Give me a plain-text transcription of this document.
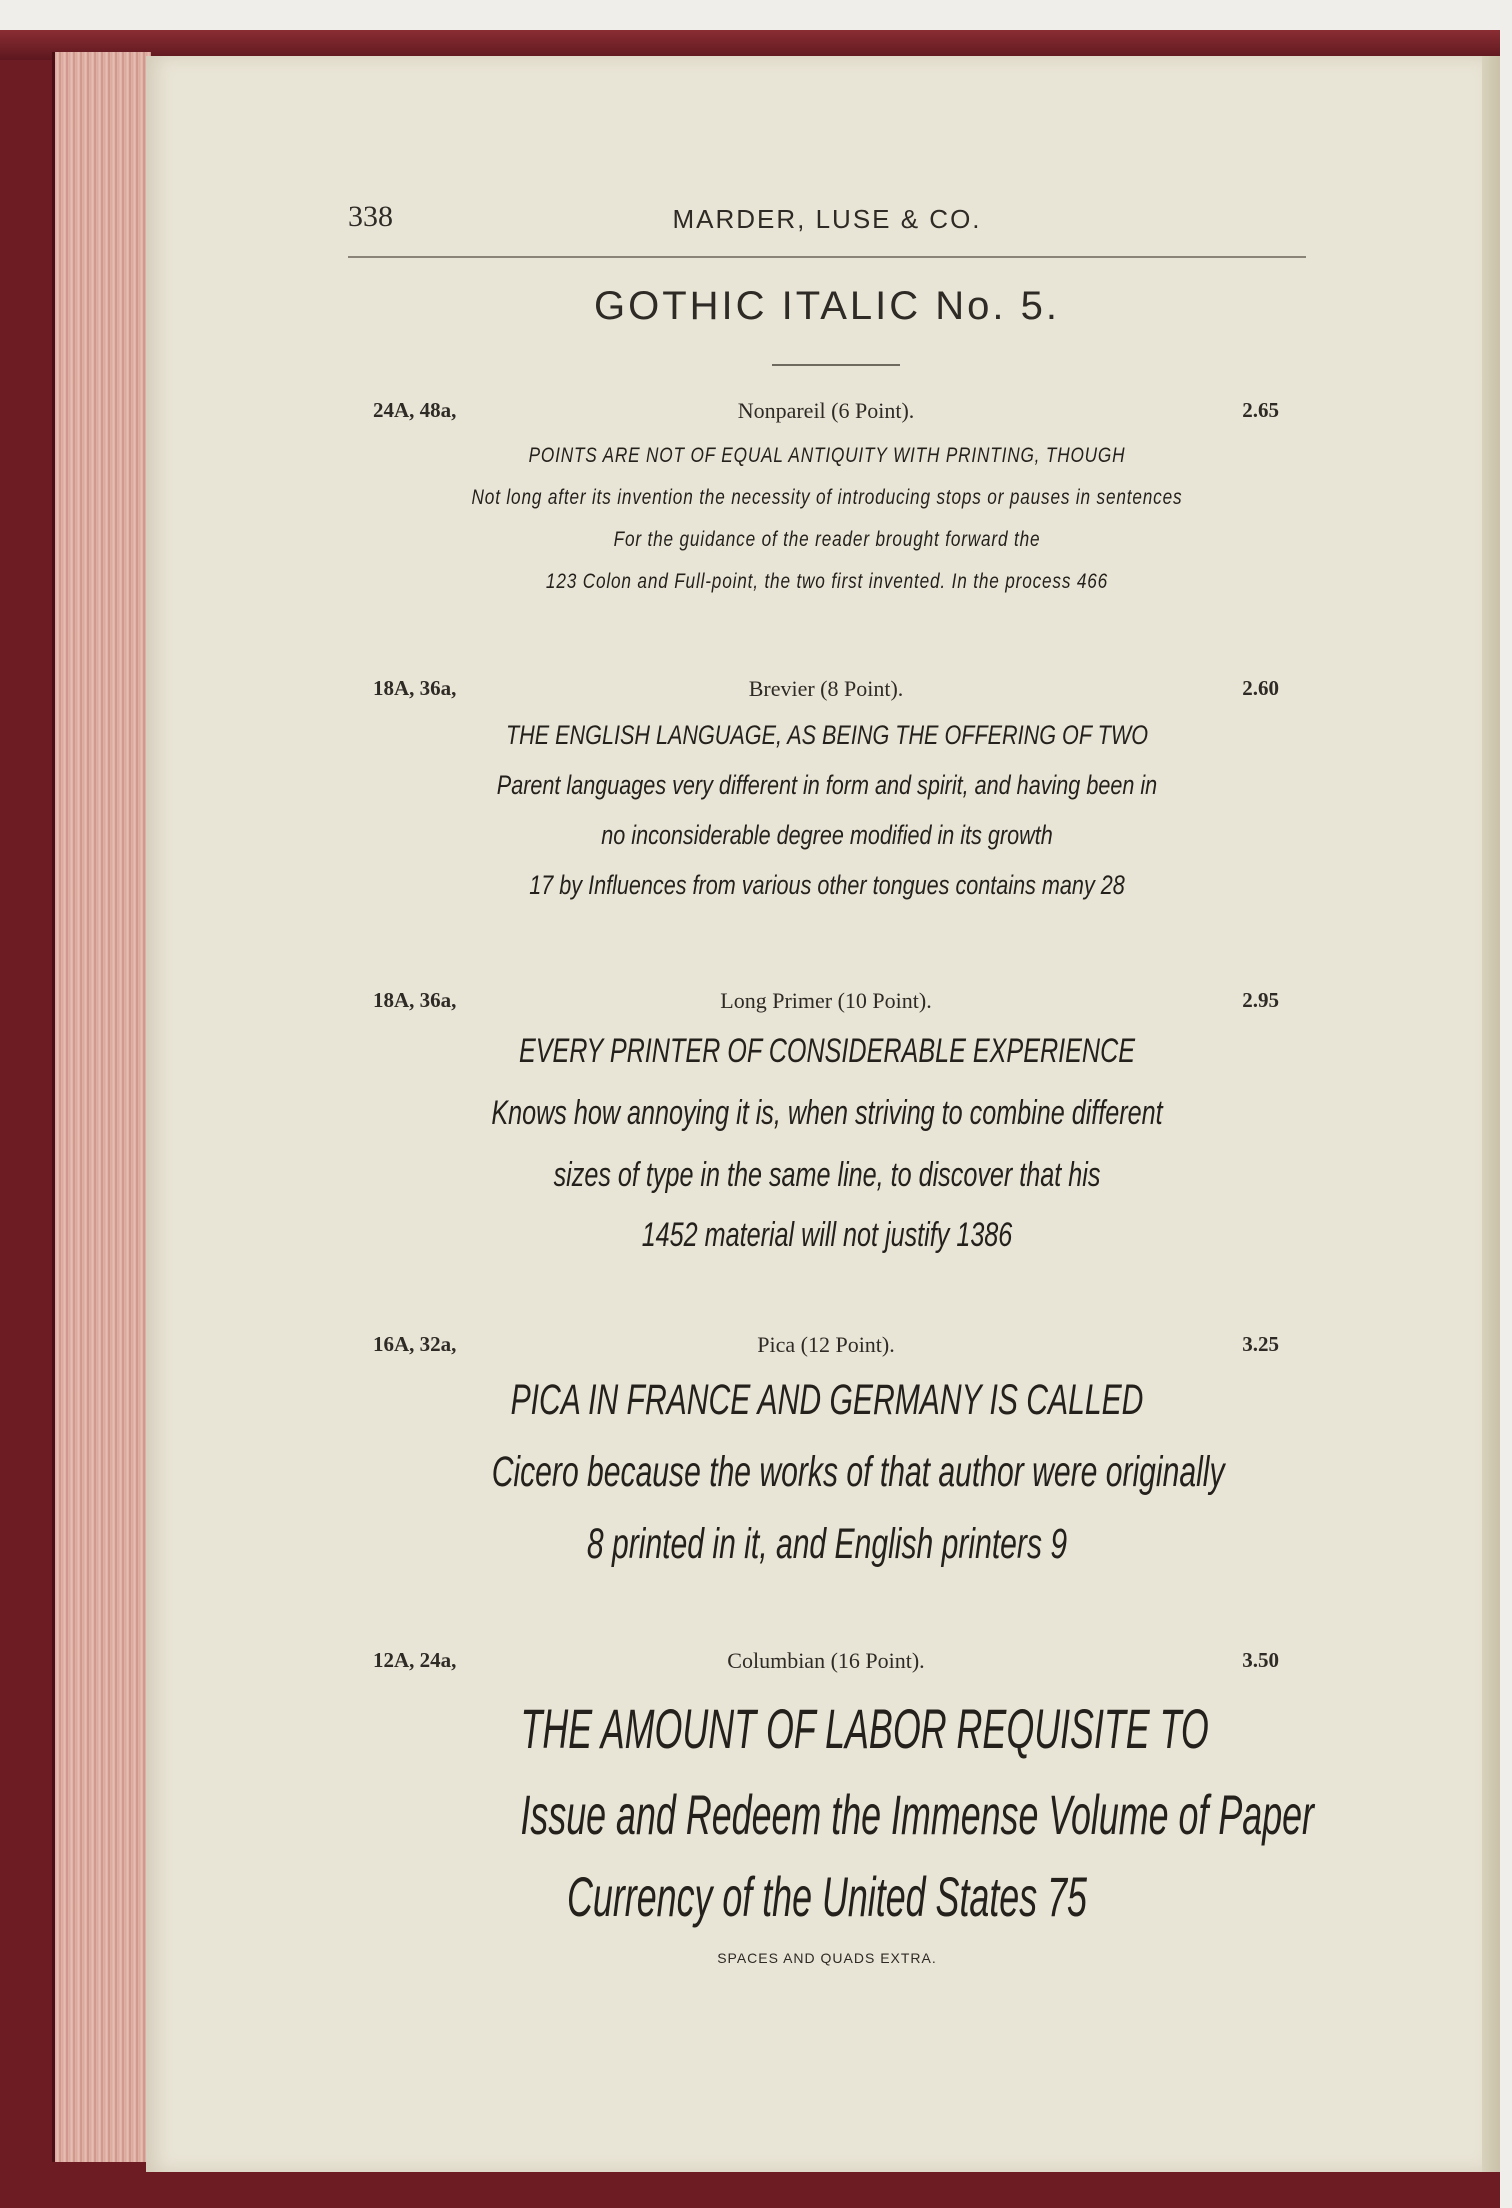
338	MARDER, LUSE & CO.
GOTHIC ITALIC No. 5.
24A, 48a,	Nonpareil (6 Point).	2.65
POINTS ARE NOT OF EQUAL ANTIQUITY WITH PRINTING, THOUGH
Not long after its invention the necessity of introducing stops or pauses in sentences
For the guidance of the reader brought forward the
123 Colon and Full-point, the two first invented. In the process 466
18A, 36a,	Brevier (8 Point).	2.60
THE ENGLISH LANGUAGE, AS BEING THE OFFERING OF TWO
Parent languages very different in form and spirit, and having been in
no inconsiderable degree modified in its growth
17 by Influences from various other tongues contains many 28
18A, 36a,	Long Primer (10 Point).	2.95
EVERY PRINTER OF CONSIDERABLE EXPERIENCE
Knows how annoying it is, when striving to combine different
sizes of type in the same line, to discover that his
1452 material will not justify 1386
16A, 32a,	Pica (12 Point).	3.25
PICA IN FRANCE AND GERMANY IS CALLED
Cicero because the works of that author were originally
8 printed in it, and English printers 9
12A, 24a,	Columbian (16 Point).	3.50
THE AMOUNT OF LABOR REQUISITE TO
Issue and Redeem the Immense Volume of Paper
Currency of the United States 75
SPACES AND QUADS EXTRA.
